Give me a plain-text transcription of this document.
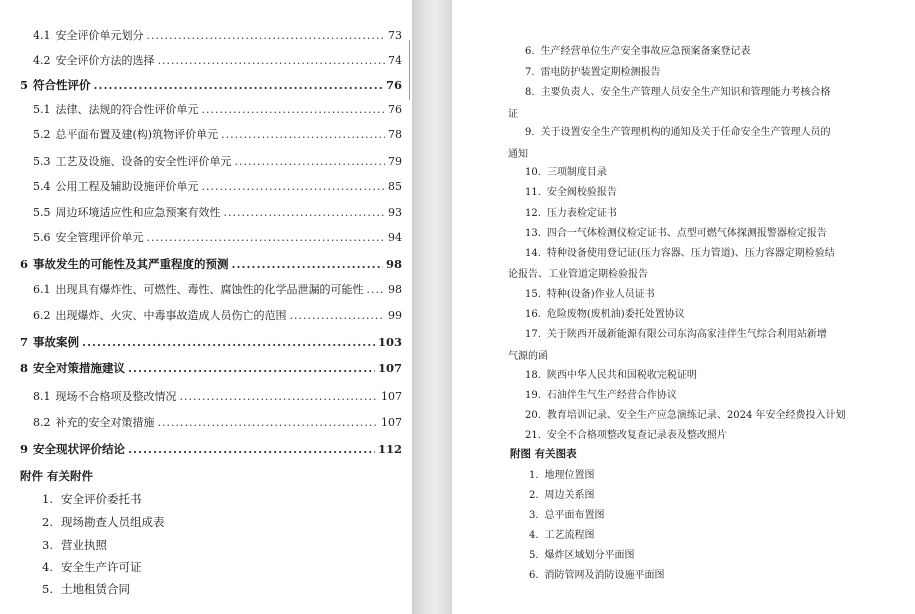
4.1 安全评价单元划分 .....	73
4.2 安全评价方法的选择 .....	74
5 符合性评价 .....	76
5.1 法律、法规的符合性评价单元 .....	76
5.2 总平面布置及建(构)筑物评价单元 .....	78
5.3 工艺及设施、设备的安全性评价单元 .....	79
5.4 公用工程及辅助设施评价单元 .....	85
5.5 周边环境适应性和应急预案有效性 .....	93
5.6 安全管理评价单元 .....	94
6 事故发生的可能性及其严重程度的预测 .....	98
6.1 出现具有爆炸性、可燃性、毒性、腐蚀性的化学品泄漏的可能性 ..... 98
6.2 出现爆炸、火灾、中毒事故造成人员伤亡的范围 .....	99
7 事故案例 .....	103
8 安全对策措施建议 .....	107
8.1 现场不合格项及整改情况 .....	107
8.2 补充的安全对策措施 .....	107
9 安全现状评价结论 .....	112
附件 有关附件
1. 安全评价委托书
2. 现场勘查人员组成表
3. 营业执照
4. 安全生产许可证
5. 土地租赁合同
6. 生产经营单位生产安全事故应急预案备案登记表
7. 雷电防护装置定期检测报告
8. 主要负责人、安全生产管理人员安全生产知识和管理能力考核合格
证
9. 关于设置安全生产管理机构的通知及关于任命安全生产管理人员的
通知
10. 三项制度目录
11. 安全阀校验报告
12. 压力表检定证书
13. 四合一气体检测仪检定证书、点型可燃气体探测报警器检定报告
14. 特种设备使用登记证(压力容器、压力管道)、压力容器定期检验结
论报告、工业管道定期检验报告
15. 特种(设备)作业人员证书
16. 危险废物(废机油)委托处置协议
17. 关于陕西开晟新能源有限公司东沟高家洼伴生气综合利用站新增
气源的函
18. 陕西中华人民共和国税收完税证明
19. 石油伴生气生产经营合作协议
20. 教育培训记录、安全生产应急演练记录、2024 年安全经费投入计划
21. 安全不合格项整改复查记录表及整改照片
附图 有关图表
1. 地理位置图
2. 周边关系图
3. 总平面布置图
4. 工艺流程图
5. 爆炸区域划分平面图
6. 消防管网及消防设施平面图
